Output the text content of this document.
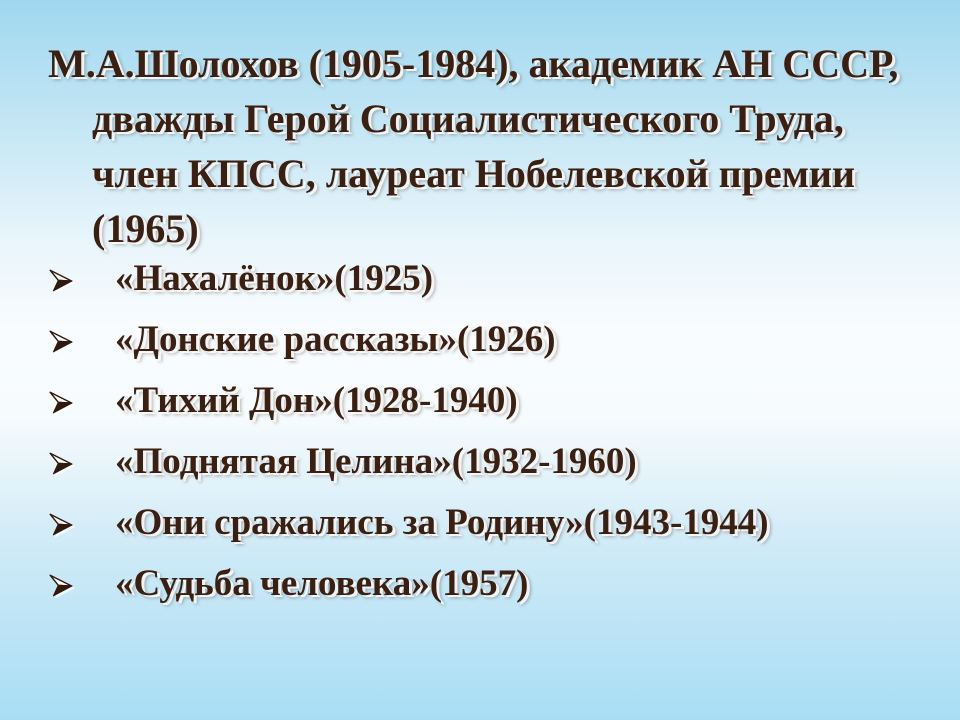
М.А.Шолохов (1905-1984), академик АН СССР,
дважды Герой Социалистического Труда,
член КПСС, лауреат Нобелевской премии
(1965)
«Нахалёнок»(1925)
«Донские рассказы»(1926)
«Тихий Дон»(1928-1940)
«Поднятая Целина»(1932-1960)
«Они сражались за Родину»(1943-1944)
«Судьба человека»(1957)
